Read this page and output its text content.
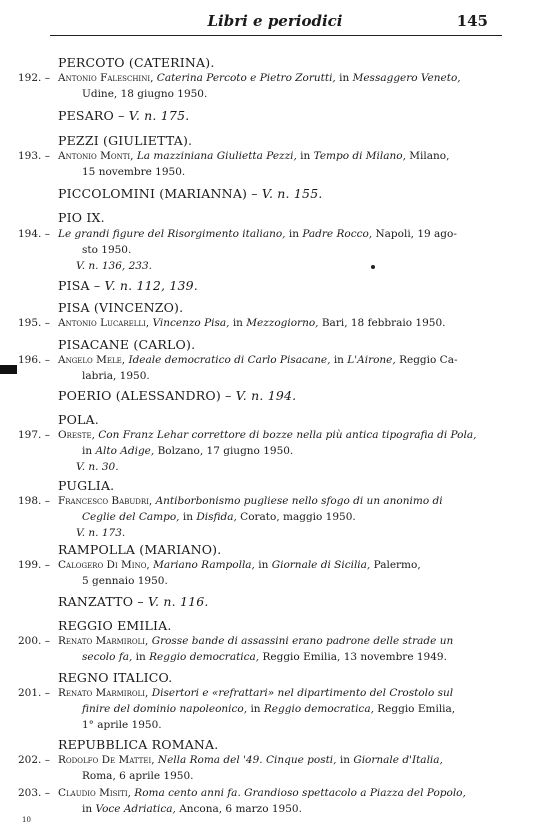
Libri e periodici	145
PERCOTO (CATERINA).
192. – Antonio Faleschini, Caterina Percoto e Pietro Zorutti, in Messaggero Veneto,
Udine, 18 giugno 1950.
PESARO – V. n. 175.
PEZZI (GIULIETTA).
193. – Antonio Monti, La mazziniana Giulietta Pezzi, in Tempo di Milano, Milano,
15 novembre 1950.
PICCOLOMINI (MARIANNA) – V. n. 155.
PIO IX.
194. – Le grandi figure del Risorgimento italiano, in Padre Rocco, Napoli, 19 ago-
sto 1950.
V. n. 136, 233.
PISA – V. n. 112, 139.
PISA (VINCENZO).
195. – Antonio Lucarelli, Vincenzo Pisa, in Mezzogiorno, Bari, 18 febbraio 1950.
PISACANE (CARLO).
196. – Angelo Mele, Ideale democratico di Carlo Pisacane, in L'Airone, Reggio Ca-
labria, 1950.
POERIO (ALESSANDRO) – V. n. 194.
POLA.
197. – Oreste, Con Franz Lehar correttore di bozze nella più antica tipografia di Pola,
in Alto Adige, Bolzano, 17 giugno 1950.
V. n. 30.
PUGLIA.
198. – Francesco Babudri, Antiborbonismo pugliese nello sfogo di un anonimo di
Ceglie del Campo, in Disfida, Corato, maggio 1950.
V. n. 173.
RAMPOLLA (MARIANO).
199. – Calogero Di Mino, Mariano Rampolla, in Giornale di Sicilia, Palermo,
5 gennaio 1950.
RANZATTO – V. n. 116.
REGGIO EMILIA.
200. – Renato Marmiroli, Grosse bande di assassini erano padrone delle strade un
secolo fa, in Reggio democratica, Reggio Emilia, 13 novembre 1949.
REGNO ITALICO.
201. – Renato Marmiroli, Disertori e «refrattari» nel dipartimento del Crostolo sul
finire del dominio napoleonico, in Reggio democratica, Reggio Emilia,
1° aprile 1950.
REPUBBLICA ROMANA.
202. – Rodolfo De Mattei, Nella Roma del '49. Cinque posti, in Giornale d'Italia,
Roma, 6 aprile 1950.
203. – Claudio Misiti, Roma cento anni fa. Grandioso spettacolo a Piazza del Popolo,
in Voce Adriatica, Ancona, 6 marzo 1950.
10
